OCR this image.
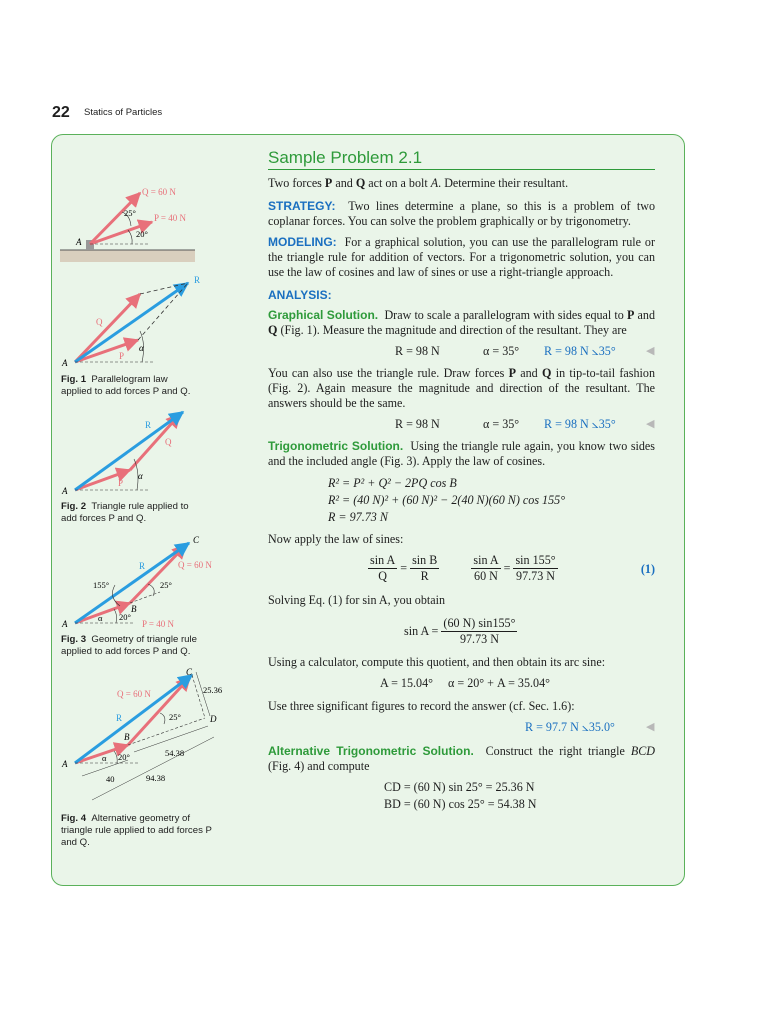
22 Statics of Particles
Q = 60 N
P = 40 N
25°
20°
A
R
Q
P
α
A
R
Q
P
α
A
C
R	Q = 60 N
155°	25°
B
α 20°
P = 40 N
A
C
Q = 60 N
R
25.36
25°	D
B
54.38
α 20°
40	94.38
A
Fig. 1 Parallelogram law
applied to add forces P and Q.
Fig. 2 Triangle rule applied to
add forces P and Q.
Fig. 3 Geometry of triangle rule
applied to add forces P and Q.
Fig. 4 Alternative geometry of
triangle rule applied to add forces P
and Q.
Sample Problem 2.1

Two forces P and Q act on a bolt A. Determine their resultant.

STRATEGY: Two lines determine a plane, so this is a problem of two coplanar forces. You can solve the problem graphically or by trigonometry.

MODELING: For a graphical solution, you can use the parallelogram rule or the triangle rule for addition of vectors. For a trigonometric solution, you can use the law of cosines and law of sines or use a right-triangle approach.

ANALYSIS:

Graphical Solution. Draw to scale a parallelogram with sides equal to P and Q (Fig. 1). Measure the magnitude and direction of the resultant. They are

R = 98 N	α = 35° R = 98 N ⦣35°	◀

You can also use the triangle rule. Draw forces P and Q in tip-to-tail fashion (Fig. 2). Again measure the magnitude and direction of the resultant. The answers should be the same.

R = 98 N	α = 35° R = 98 N ⦣35°	◀

Trigonometric Solution. Using the triangle rule again, you know two sides and the included angle (Fig. 3). Apply the law of cosines.

R² = P² + Q² − 2PQ cos B
R² = (40 N)² + (60 N)² − 2(40 N)(60 N) cos 155°
R = 97.73 N

Now apply the law of sines:

$\frac{\text{sin A}}{Q} = \frac{\text{sin B}}{R}$
	$\frac{\text{sin A}}{60 N} = \frac{\sin 155^\circ}{97.73 N}$	(1)

Solving Eq. (1) for sin A, you obtain

$\sin A = \frac{(60 N) \sin 155^\circ}{97.73 N}$

Using a calculator, compute this quotient, and then obtain its arc sine:

A = 15.04° α = 20° + A = 35.04°

Use three significant figures to record the answer (cf. Sec. 1.6):

R = 97.7 N ⦣35.0°	◀

Alternative Trigonometric Solution. Construct the right triangle BCD (Fig. 4) and compute

CD = (60 N) sin 25° = 25.36 N
BD = (60 N) cos 25° = 54.38 N
